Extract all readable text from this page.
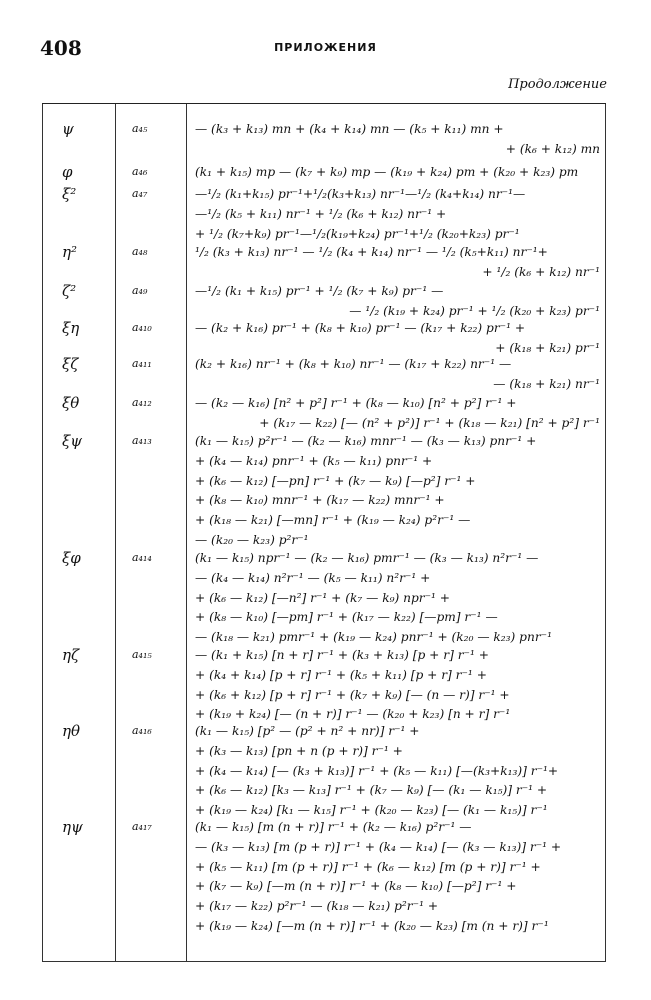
408	ПРИЛОЖЕНИЯ
Продолжение
ψ	a₄₅	— (k₃ + k₁₃) mn + (k₄ + k₁₄) mn — (k₅ + k₁₁) mn +
+ (k₆ + k₁₂) mn
φ	a₄₆	(k₁ + k₁₅) mp — (k₇ + k₉) mp — (k₁₉ + k₂₄) pm + (k₂₀ + k₂₃) pm
ξ²	a₄₇	—¹/₂ (k₁+k₁₅) pr⁻¹+¹/₂(k₃+k₁₃) nr⁻¹—¹/₂ (k₄+k₁₄) nr⁻¹—
—¹/₂ (k₅ + k₁₁) nr⁻¹ + ¹/₂ (k₆ + k₁₂) nr⁻¹ +
+ ¹/₂ (k₇+k₉) pr⁻¹—¹/₂(k₁₉+k₂₄) pr⁻¹+¹/₂ (k₂₀+k₂₃) pr⁻¹
η²	a₄₈	¹/₂ (k₃ + k₁₃) nr⁻¹ — ¹/₂ (k₄ + k₁₄) nr⁻¹ — ¹/₂ (k₅+k₁₁) nr⁻¹+
+ ¹/₂ (k₆ + k₁₂) nr⁻¹
ζ²	a₄₉	—¹/₂ (k₁ + k₁₅) pr⁻¹ + ¹/₂ (k₇ + k₉) pr⁻¹ —
— ¹/₂ (k₁₉ + k₂₄) pr⁻¹ + ¹/₂ (k₂₀ + k₂₃) pr⁻¹
ξη	a₄₁₀	— (k₂ + k₁₆) pr⁻¹ + (k₈ + k₁₀) pr⁻¹ — (k₁₇ + k₂₂) pr⁻¹ +
+ (k₁₈ + k₂₁) pr⁻¹
ξζ	a₄₁₁	(k₂ + k₁₆) nr⁻¹ + (k₈ + k₁₀) nr⁻¹ — (k₁₇ + k₂₂) nr⁻¹ —
— (k₁₈ + k₂₁) nr⁻¹
ξθ	a₄₁₂	— (k₂ — k₁₆) [n² + p²] r⁻¹ + (k₈ — k₁₀) [n² + p²] r⁻¹ +
+ (k₁₇ — k₂₂) [— (n² + p²)] r⁻¹ + (k₁₈ — k₂₁) [n² + p²] r⁻¹
ξψ	a₄₁₃	(k₁ — k₁₅) p²r⁻¹ — (k₂ — k₁₆) mnr⁻¹ — (k₃ — k₁₃) pnr⁻¹ +
+ (k₄ — k₁₄) pnr⁻¹ + (k₅ — k₁₁) pnr⁻¹ +
+ (k₆ — k₁₂) [—pn] r⁻¹ + (k₇ — k₉) [—p²] r⁻¹ +
+ (k₈ — k₁₀) mnr⁻¹ + (k₁₇ — k₂₂) mnr⁻¹ +
+ (k₁₈ — k₂₁) [—mn] r⁻¹ + (k₁₉ — k₂₄) p²r⁻¹ —
— (k₂₀ — k₂₃) p²r⁻¹
ξφ	a₄₁₄	(k₁ — k₁₅) npr⁻¹ — (k₂ — k₁₆) pmr⁻¹ — (k₃ — k₁₃) n²r⁻¹ —
— (k₄ — k₁₄) n²r⁻¹ — (k₅ — k₁₁) n²r⁻¹ +
+ (k₆ — k₁₂) [—n²] r⁻¹ + (k₇ — k₉) npr⁻¹ +
+ (k₈ — k₁₀) [—pm] r⁻¹ + (k₁₇ — k₂₂) [—pm] r⁻¹ —
— (k₁₈ — k₂₁) pmr⁻¹ + (k₁₉ — k₂₄) pnr⁻¹ + (k₂₀ — k₂₃) pnr⁻¹
ηζ	a₄₁₅	— (k₁ + k₁₅) [n + r] r⁻¹ + (k₃ + k₁₃) [p + r] r⁻¹ +
+ (k₄ + k₁₄) [p + r] r⁻¹ + (k₅ + k₁₁) [p + r] r⁻¹ +
+ (k₆ + k₁₂) [p + r] r⁻¹ + (k₇ + k₉) [— (n — r)] r⁻¹ +
+ (k₁₉ + k₂₄) [— (n + r)] r⁻¹ — (k₂₀ + k₂₃) [n + r] r⁻¹
ηθ	a₄₁₆	(k₁ — k₁₅) [p² — (p² + n² + nr)] r⁻¹ +
+ (k₃ — k₁₃) [pn + n (p + r)] r⁻¹ +
+ (k₄ — k₁₄) [— (k₃ + k₁₃)] r⁻¹ + (k₅ — k₁₁) [—(k₃+k₁₃)] r⁻¹+
+ (k₆ — k₁₂) [k₃ — k₁₃] r⁻¹ + (k₇ — k₉) [— (k₁ — k₁₅)] r⁻¹ +
+ (k₁₉ — k₂₄) [k₁ — k₁₅] r⁻¹ + (k₂₀ — k₂₃) [— (k₁ — k₁₅)] r⁻¹
ηψ	a₄₁₇	(k₁ — k₁₅) [m (n + r)] r⁻¹ + (k₂ — k₁₆) p²r⁻¹ —
— (k₃ — k₁₃) [m (p + r)] r⁻¹ + (k₄ — k₁₄) [— (k₃ — k₁₃)] r⁻¹ +
+ (k₅ — k₁₁) [m (p + r)] r⁻¹ + (k₆ — k₁₂) [m (p + r)] r⁻¹ +
+ (k₇ — k₉) [—m (n + r)] r⁻¹ + (k₈ — k₁₀) [—p²] r⁻¹ +
+ (k₁₇ — k₂₂) p²r⁻¹ — (k₁₈ — k₂₁) p²r⁻¹ +
+ (k₁₉ — k₂₄) [—m (n + r)] r⁻¹ + (k₂₀ — k₂₃) [m (n + r)] r⁻¹
